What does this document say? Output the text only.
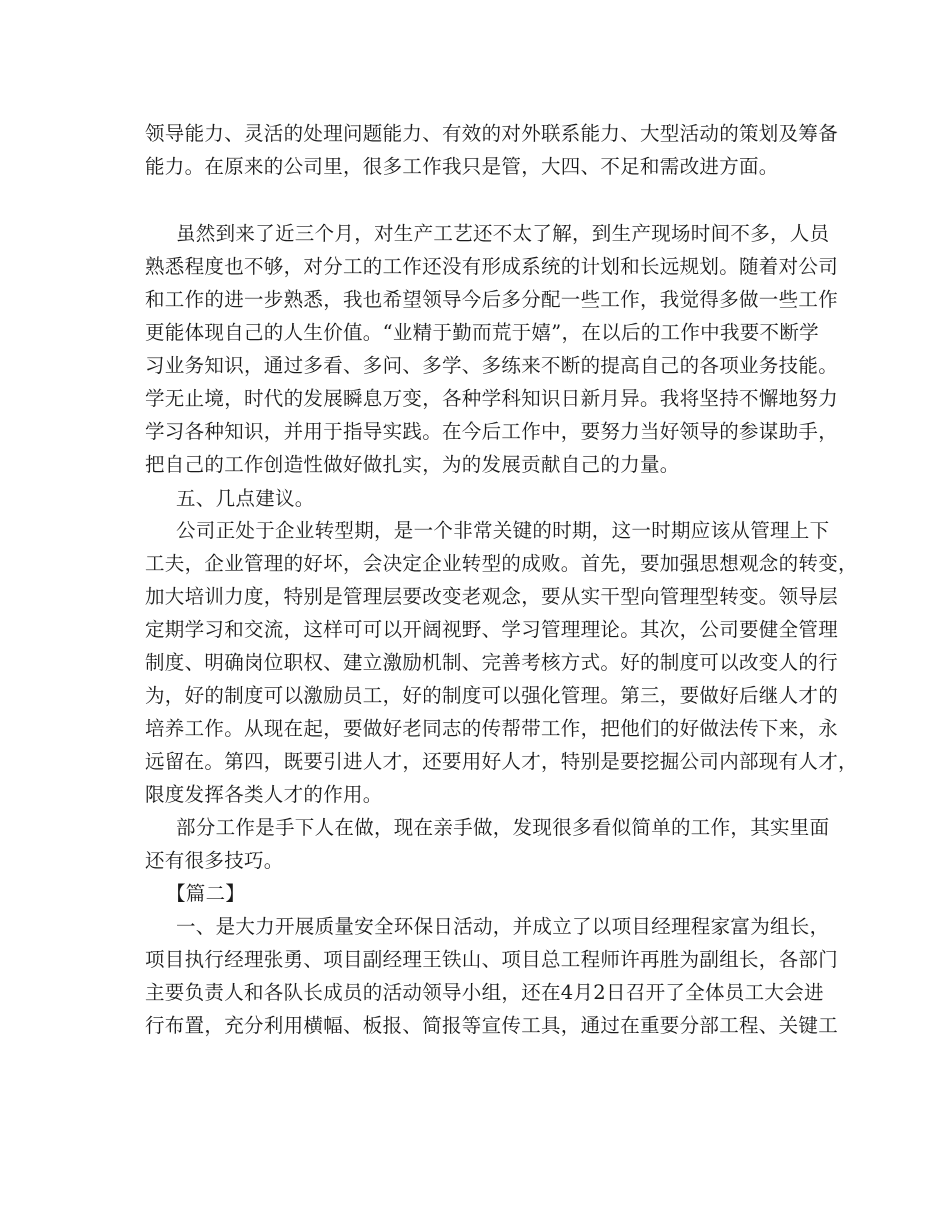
领导能力、灵活的处理问题能力、有效的对外联系能力、大型活动的策划及筹备
能力。在原来的公司里，很多工作我只是管，大四、不足和需改进方面。
虽然到来了近三个月，对生产工艺还不太了解，到生产现场时间不多，人员
熟悉程度也不够，对分工的工作还没有形成系统的计划和长远规划。随着对公司
和工作的进一步熟悉，我也希望领导今后多分配一些工作，我觉得多做一些工作
更能体现自己的人生价值。“业精于勤而荒于嬉”，在以后的工作中我要不断学
习业务知识，通过多看、多问、多学、多练来不断的提高自己的各项业务技能。
学无止境，时代的发展瞬息万变，各种学科知识日新月异。我将坚持不懈地努力
学习各种知识，并用于指导实践。在今后工作中，要努力当好领导的参谋助手，
把自己的工作创造性做好做扎实，为的发展贡献自己的力量。
五、几点建议。
公司正处于企业转型期，是一个非常关键的时期，这一时期应该从管理上下
工夫，企业管理的好坏，会决定企业转型的成败。首先，要加强思想观念的转变，
加大培训力度，特别是管理层要改变老观念，要从实干型向管理型转变。领导层
定期学习和交流，这样可可以开阔视野、学习管理理论。其次，公司要健全管理
制度、明确岗位职权、建立激励机制、完善考核方式。好的制度可以改变人的行
为，好的制度可以激励员工，好的制度可以强化管理。第三，要做好后继人才的
培养工作。从现在起，要做好老同志的传帮带工作，把他们的好做法传下来，永
远留在。第四，既要引进人才，还要用好人才，特别是要挖掘公司内部现有人才，
限度发挥各类人才的作用。
部分工作是手下人在做，现在亲手做，发现很多看似简单的工作，其实里面
还有很多技巧。
【篇二】
一、是大力开展质量安全环保日活动，并成立了以项目经理程家富为组长，
项目执行经理张勇、项目副经理王铁山、项目总工程师许再胜为副组长，各部门
主要负责人和各队长成员的活动领导小组，还在4月2日召开了全体员工大会进
行布置，充分利用横幅、板报、简报等宣传工具，通过在重要分部工程、关键工
